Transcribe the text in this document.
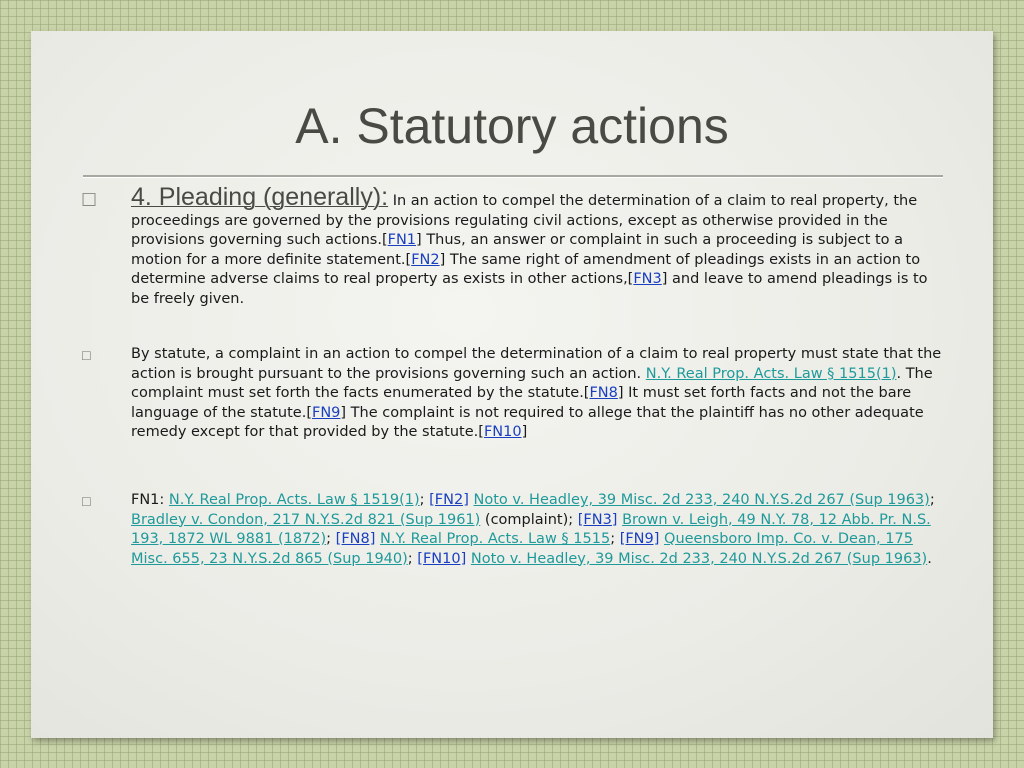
A. Statutory actions
☐ 4. Pleading (generally): In an action to compel the determination of a claim to real property, the proceedings are governed by the provisions regulating civil actions, except as otherwise provided in the provisions governing such actions.[FN1] Thus, an answer or complaint in such a proceeding is subject to a motion for a more definite statement.[FN2] The same right of amendment of pleadings exists in an action to determine adverse claims to real property as exists in other actions,[FN3] and leave to amend pleadings is to be freely given.
☐	By statute, a complaint in an action to compel the determination of a claim to real property must state that the action is brought pursuant to the provisions governing such an action. N.Y. Real Prop. Acts. Law § 1515(1). The complaint must set forth the facts enumerated by the statute.[FN8] It must set forth facts and not the bare language of the statute.[FN9] The complaint is not required to allege that the plaintiff has no other adequate remedy except for that provided by the statute.[FN10]
☐	FN1: N.Y. Real Prop. Acts. Law § 1519(1); [FN2] Noto v. Headley, 39 Misc. 2d 233, 240 N.Y.S.2d 267 (Sup 1963); Bradley v. Condon, 217 N.Y.S.2d 821 (Sup 1961) (complaint); [FN3] Brown v. Leigh, 49 N.Y. 78, 12 Abb. Pr. N.S. 193, 1872 WL 9881 (1872); [FN8] N.Y. Real Prop. Acts. Law § 1515; [FN9] Queensboro Imp. Co. v. Dean, 175 Misc. 655, 23 N.Y.S.2d 865 (Sup 1940); [FN10] Noto v. Headley, 39 Misc. 2d 233, 240 N.Y.S.2d 267 (Sup 1963).
